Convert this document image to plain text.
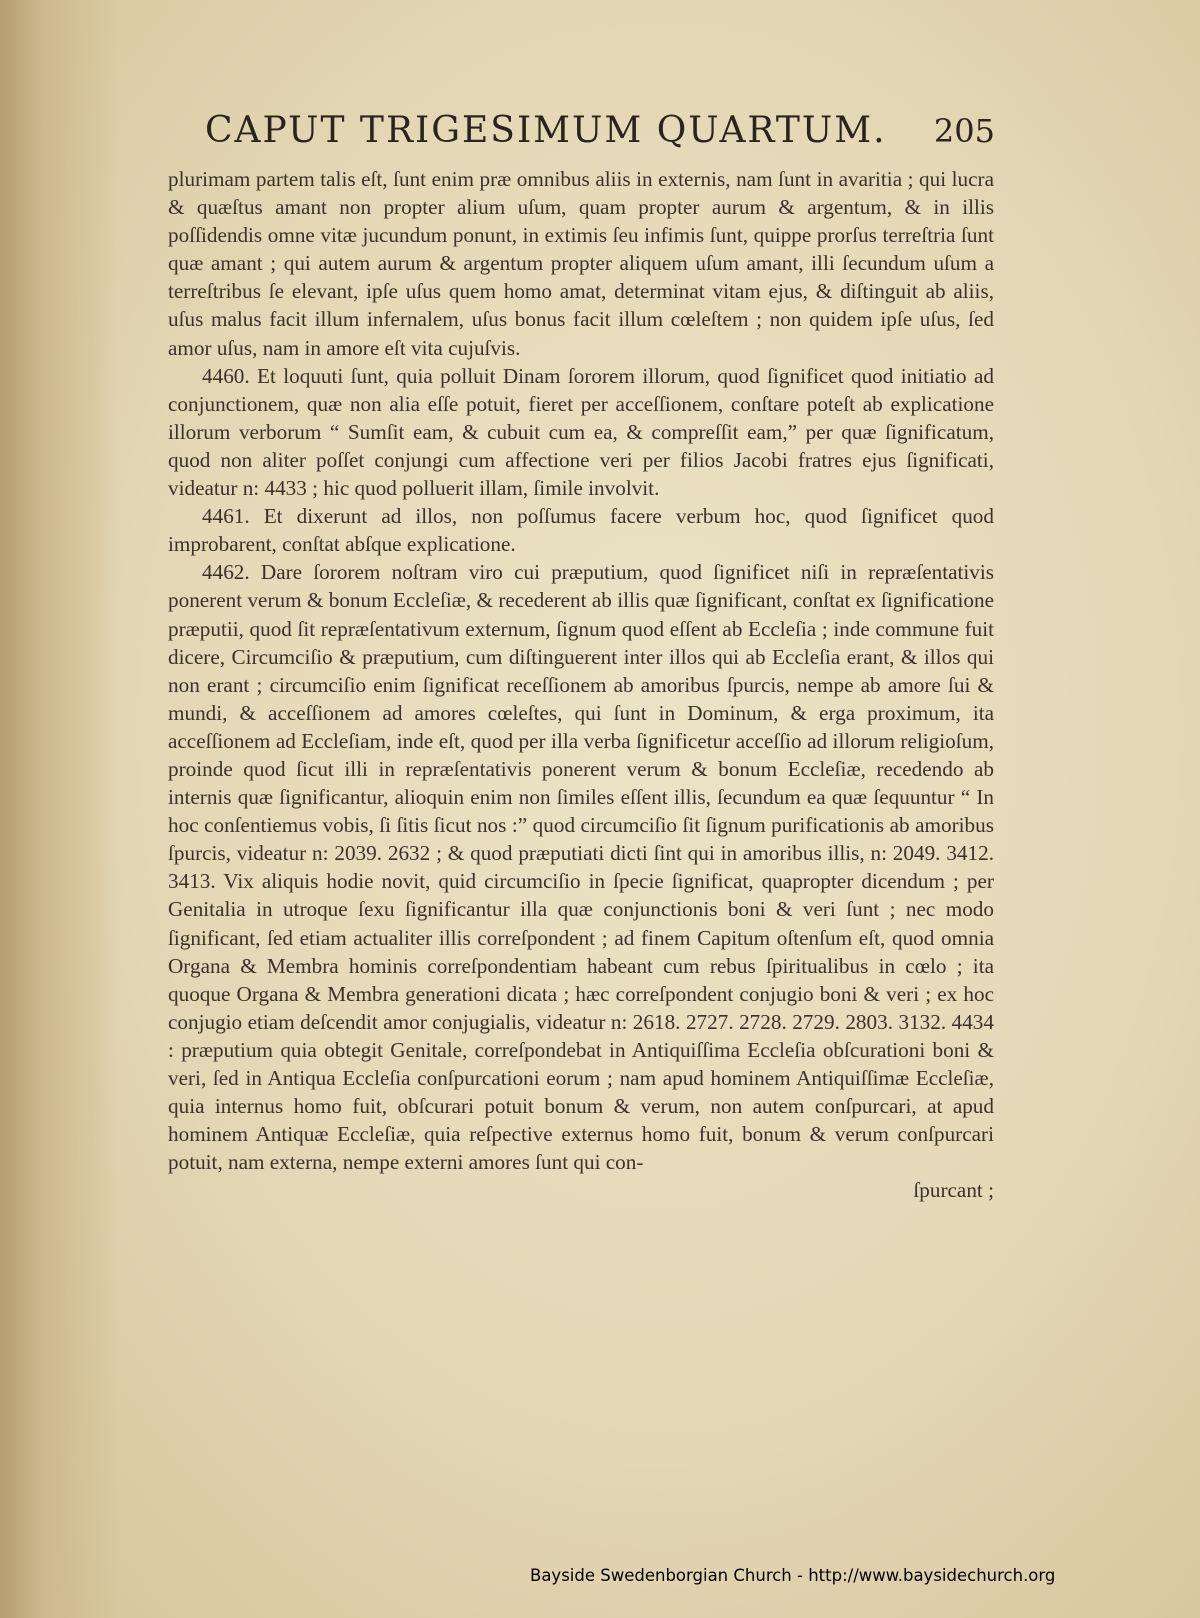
CAPUT TRIGESIMUM QUARTUM. 205

plurimam partem talis eſt, ſunt enim præ omnibus aliis in externis, nam ſunt in avaritia ; qui lucra & quæſtus amant non propter alium uſum, quam propter aurum & argentum, & in illis poſſidendis omne vitæ jucundum ponunt, in extimis ſeu infimis ſunt, quippe prorſus terreſtria ſunt quæ amant ; qui autem aurum & argentum propter aliquem uſum amant, illi ſecundum uſum a terreſtribus ſe elevant, ipſe uſus quem homo amat, determinat vitam ejus, & diſtinguit ab aliis, uſus malus facit illum infernalem, uſus bonus facit illum cœleſtem ; non quidem ipſe uſus, ſed amor uſus, nam in amore eſt vita cujuſvis.

4460. Et loquuti ſunt, quia polluit Dinam ſororem illorum, quod ſignificet quod initiatio ad conjunctionem, quæ non alia eſſe potuit, fieret per acceſſionem, conſtare poteſt ab explicatione illorum verborum “ Sumſit eam, & cubuit cum ea, & compreſſit eam,” per quæ ſignificatum, quod non aliter poſſet conjungi cum affectione veri per filios Jacobi fratres ejus ſignificati, videatur n: 4433 ; hic quod polluerit illam, ſimile involvit.

4461. Et dixerunt ad illos, non poſſumus facere verbum hoc, quod ſignificet quod improbarent, conſtat abſque explicatione.

4462. Dare ſororem noſtram viro cui præputium, quod ſignificet niſi in repræſentativis ponerent verum & bonum Eccleſiæ, & recederent ab illis quæ ſignificant, conſtat ex ſignificatione præputii, quod ſit repræſentativum externum, ſignum quod eſſent ab Eccleſia ; inde commune fuit dicere, Circumciſio & præputium, cum diſtinguerent inter illos qui ab Eccleſia erant, & illos qui non erant ; circumciſio enim ſignificat receſſionem ab amoribus ſpurcis, nempe ab amore ſui & mundi, & acceſſionem ad amores cœleſtes, qui ſunt in Dominum, & erga proximum, ita acceſſionem ad Eccleſiam, inde eſt, quod per illa verba ſignificetur acceſſio ad illorum religioſum, proinde quod ſicut illi in repræſentativis ponerent verum & bonum Eccleſiæ, recedendo ab internis quæ ſignificantur, alioquin enim non ſimiles eſſent illis, ſecundum ea quæ ſequuntur “ In hoc conſentiemus vobis, ſi ſitis ſicut nos :” quod circumciſio ſit ſignum purificationis ab amoribus ſpurcis, videatur n: 2039. 2632 ; & quod præputiati dicti ſint qui in amoribus illis, n: 2049. 3412. 3413. Vix aliquis hodie novit, quid circumciſio in ſpecie ſignificat, quapropter dicendum ; per Genitalia in utroque ſexu ſignificantur illa quæ conjunctionis boni & veri ſunt ; nec modo ſignificant, ſed etiam actualiter illis correſpondent ; ad finem Capitum oſtenſum eſt, quod omnia Organa & Membra hominis correſpondentiam habeant cum rebus ſpiritualibus in cœlo ; ita quoque Organa & Membra generationi dicata ; hæc correſpondent conjugio boni & veri ; ex hoc conjugio etiam deſcendit amor conjugialis, videatur n: 2618. 2727. 2728. 2729. 2803. 3132. 4434 : præputium quia obtegit Genitale, correſpondebat in Antiquiſſima Eccleſia obſcurationi boni & veri, ſed in Antiqua Eccleſia conſpurcationi eorum ; nam apud hominem Antiquiſſimæ Eccleſiæ, quia internus homo fuit, obſcurari potuit bonum & verum, non autem conſpurcari, at apud hominem Antiquæ Eccleſiæ, quia reſpective externus homo fuit, bonum & verum conſpurcari potuit, nam externa, nempe externi amores ſunt qui con-

ſpurcant ;
Bayside Swedenborgian Church - http://www.baysidechurch.org
